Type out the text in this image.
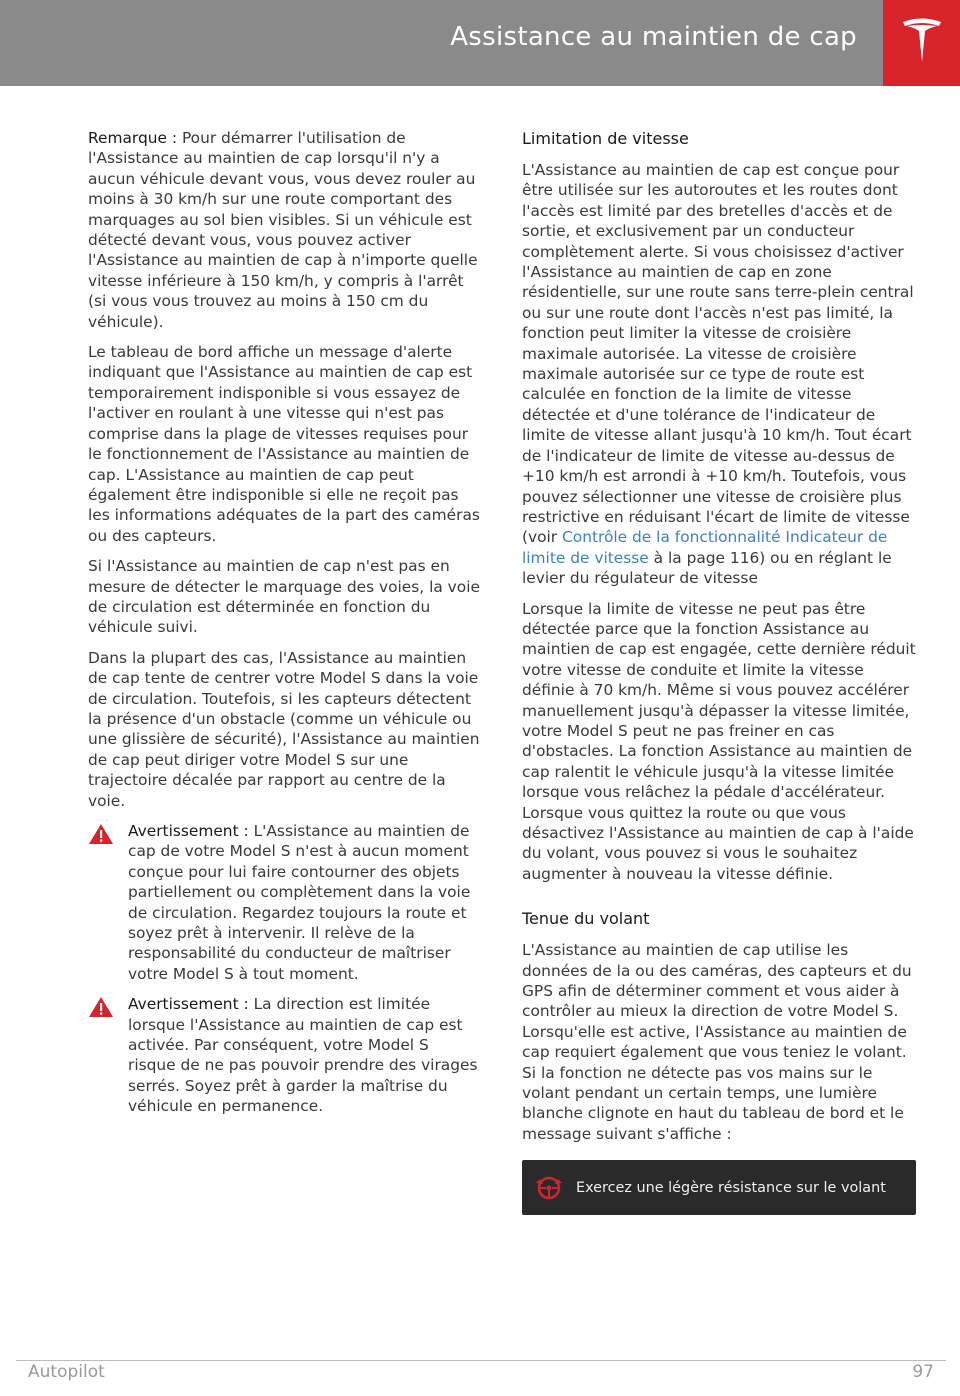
Assistance au maintien de cap

Remarque : Pour démarrer l'utilisation de l'Assistance au maintien de cap lorsqu'il n'y a aucun véhicule devant vous, vous devez rouler au moins à 30 km/h sur une route comportant des marquages au sol bien visibles. Si un véhicule est détecté devant vous, vous pouvez activer l'Assistance au maintien de cap à n'importe quelle vitesse inférieure à 150 km/h, y compris à l'arrêt (si vous vous trouvez au moins à 150 cm du véhicule).

Le tableau de bord affiche un message d'alerte indiquant que l'Assistance au maintien de cap est temporairement indisponible si vous essayez de l'activer en roulant à une vitesse qui n'est pas comprise dans la plage de vitesses requises pour le fonctionnement de l'Assistance au maintien de cap. L'Assistance au maintien de cap peut également être indisponible si elle ne reçoit pas les informations adéquates de la part des caméras ou des capteurs.

Si l'Assistance au maintien de cap n'est pas en mesure de détecter le marquage des voies, la voie de circulation est déterminée en fonction du véhicule suivi.

Dans la plupart des cas, l'Assistance au maintien de cap tente de centrer votre Model S dans la voie de circulation. Toutefois, si les capteurs détectent la présence d'un obstacle (comme un véhicule ou une glissière de sécurité), l'Assistance au maintien de cap peut diriger votre Model S sur une trajectoire décalée par rapport au centre de la voie.

Avertissement : L'Assistance au maintien de cap de votre Model S n'est à aucun moment conçue pour lui faire contourner des objets partiellement ou complètement dans la voie de circulation. Regardez toujours la route et soyez prêt à intervenir. Il relève de la responsabilité du conducteur de maîtriser votre Model S à tout moment.

Avertissement : La direction est limitée lorsque l'Assistance au maintien de cap est activée. Par conséquent, votre Model S risque de ne pas pouvoir prendre des virages serrés. Soyez prêt à garder la maîtrise du véhicule en permanence.

Limitation de vitesse

L'Assistance au maintien de cap est conçue pour être utilisée sur les autoroutes et les routes dont l'accès est limité par des bretelles d'accès et de sortie, et exclusivement par un conducteur complètement alerte. Si vous choisissez d'activer l'Assistance au maintien de cap en zone résidentielle, sur une route sans terre-plein central ou sur une route dont l'accès n'est pas limité, la fonction peut limiter la vitesse de croisière maximale autorisée. La vitesse de croisière maximale autorisée sur ce type de route est calculée en fonction de la limite de vitesse détectée et d'une tolérance de l'indicateur de limite de vitesse allant jusqu'à 10 km/h. Tout écart de l'indicateur de limite de vitesse au-dessus de +10 km/h est arrondi à +10 km/h. Toutefois, vous pouvez sélectionner une vitesse de croisière plus restrictive en réduisant l'écart de limite de vitesse (voir Contrôle de la fonctionnalité Indicateur de limite de vitesse à la page 116) ou en réglant le levier du régulateur de vitesse

Lorsque la limite de vitesse ne peut pas être détectée parce que la fonction Assistance au maintien de cap est engagée, cette dernière réduit votre vitesse de conduite et limite la vitesse définie à 70 km/h. Même si vous pouvez accélérer manuellement jusqu'à dépasser la vitesse limitée, votre Model S peut ne pas freiner en cas d'obstacles. La fonction Assistance au maintien de cap ralentit le véhicule jusqu'à la vitesse limitée lorsque vous relâchez la pédale d'accélérateur. Lorsque vous quittez la route ou que vous désactivez l'Assistance au maintien de cap à l'aide du volant, vous pouvez si vous le souhaitez augmenter à nouveau la vitesse définie.

Tenue du volant

L'Assistance au maintien de cap utilise les données de la ou des caméras, des capteurs et du GPS afin de déterminer comment et vous aider à contrôler au mieux la direction de votre Model S. Lorsqu'elle est active, l'Assistance au maintien de cap requiert également que vous teniez le volant. Si la fonction ne détecte pas vos mains sur le volant pendant un certain temps, une lumière blanche clignote en haut du tableau de bord et le message suivant s'affiche :

Exercez une légère résistance sur le volant
Autopilot	97
